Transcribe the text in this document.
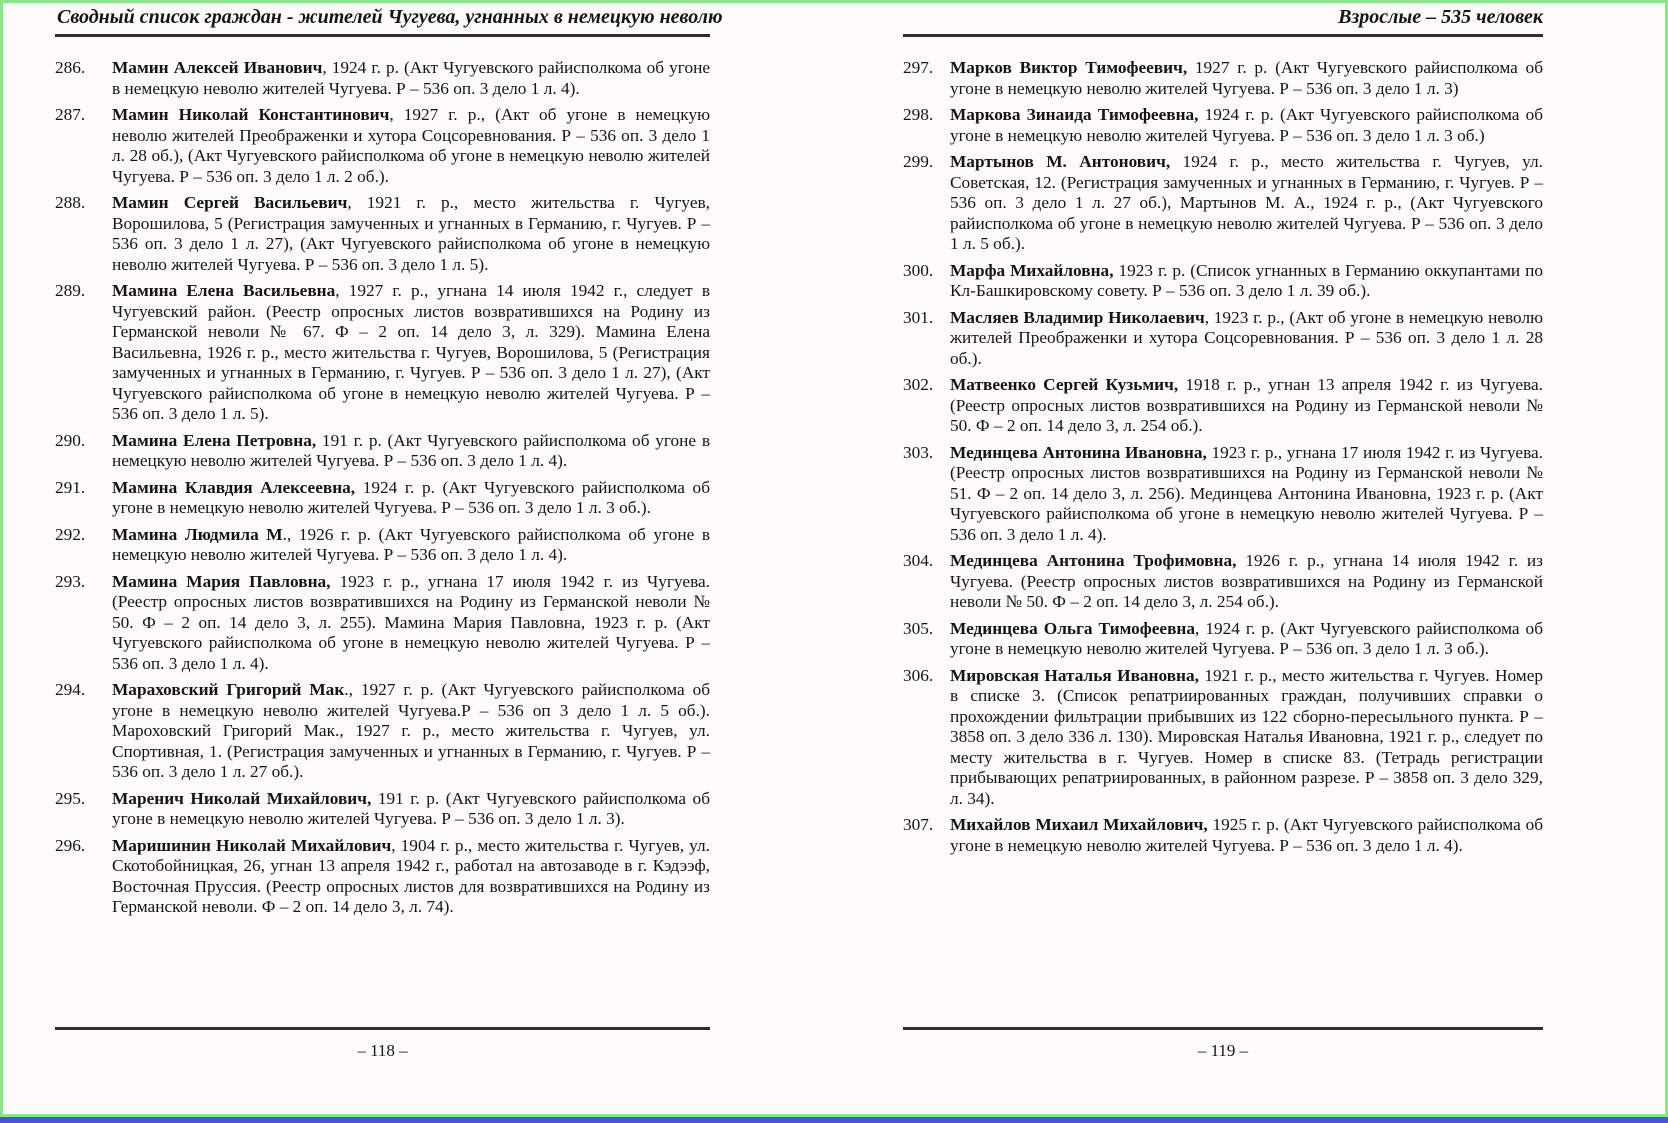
Сводный список граждан - жителей Чугуева, угнанных в немецкую неволю
286.	Мамин Алексей Иванович, 1924 г. р. (Акт Чугуевского райисполкома об угоне в немецкую неволю жителей Чугуева. Р – 536 оп. 3 дело 1 л. 4).

287.	Мамин Николай Константинович, 1927 г. р., (Акт об угоне в немецкую неволю жителей Преображенки и хутора Соцсоревнования. Р – 536 оп. 3 дело 1 л. 28 об.), (Акт Чугуевского райисполкома об угоне в немецкую неволю жителей Чугуева. Р – 536 оп. 3 дело 1 л. 2 об.).

288.	Мамин Сергей Васильевич, 1921 г. р., место жительства г. Чугуев, Ворошилова, 5 (Регистрация замученных и угнанных в Германию, г. Чугуев. Р – 536 оп. 3 дело 1 л. 27), (Акт Чугуевского райисполкома об угоне в немецкую неволю жителей Чугуева. Р – 536 оп. 3 дело 1 л. 5).

289.	Мамина Елена Васильевна, 1927 г. р., угнана 14 июля 1942 г., следует в Чугуевский район. (Реестр опросных листов возвратившихся на Родину из Германской неволи № 67. Ф – 2 оп. 14 дело 3, л. 329). Мамина Елена Васильевна, 1926 г. р., место жительства г. Чугуев, Ворошилова, 5 (Регистрация замученных и угнанных в Германию, г. Чугуев. Р – 536 оп. 3 дело 1 л. 27), (Акт Чугуевского райисполкома об угоне в немецкую неволю жителей Чугуева. Р – 536 оп. 3 дело 1 л. 5).

290.	Мамина Елена Петровна, 191 г. р. (Акт Чугуевского райисполкома об угоне в немецкую неволю жителей Чугуева. Р – 536 оп. 3 дело 1 л. 4).

291.	Мамина Клавдия Алексеевна, 1924 г. р. (Акт Чугуевского райисполкома об угоне в немецкую неволю жителей Чугуева. Р – 536 оп. 3 дело 1 л. 3 об.).

292.	Мамина Людмила М., 1926 г. р. (Акт Чугуевского райисполкома об угоне в немецкую неволю жителей Чугуева. Р – 536 оп. 3 дело 1 л. 4).

293.	Мамина Мария Павловна, 1923 г. р., угнана 17 июля 1942 г. из Чугуева. (Реестр опросных листов возвратившихся на Родину из Германской неволи № 50. Ф – 2 оп. 14 дело 3, л. 255). Мамина Мария Павловна, 1923 г. р. (Акт Чугуевского райисполкома об угоне в немецкую неволю жителей Чугуева. Р – 536 оп. 3 дело 1 л. 4).

294.	Мараховский Григорий Мак., 1927 г. р. (Акт Чугуевского райисполкома об угоне в немецкую неволю жителей Чугуева.Р – 536 оп 3 дело 1 л. 5 об.). Мароховский Григорий Мак., 1927 г. р., место жительства г. Чугуев, ул. Спортивная, 1. (Регистрация замученных и угнанных в Германию, г. Чугуев. Р – 536 оп. 3 дело 1 л. 27 об.).

295.	Маренич Николай Михайлович, 191 г. р. (Акт Чугуевского райисполкома об угоне в немецкую неволю жителей Чугуева. Р – 536 оп. 3 дело 1 л. 3).

296.	Маришинин Николай Михайлович, 1904 г. р., место жительства г. Чугуев, ул. Скотобойницкая, 26, угнан 13 апреля 1942 г., работал на автозаводе в г. Кэдээф, Восточная Пруссия. (Реестр опросных листов для возвратившихся на Родину из Германской неволи. Ф – 2 оп. 14 дело 3, л. 74).

– 118 –
Взрослые – 535 человек
297. Марков Виктор Тимофеевич, 1927 г. р. (Акт Чугуевского райисполкома об угоне в немецкую неволю жителей Чугуева. Р – 536 оп. 3 дело 1 л. 3)

298. Маркова Зинаида Тимофеевна, 1924 г. р. (Акт Чугуевского райисполкома об угоне в немецкую неволю жителей Чугуева. Р – 536 оп. 3 дело 1 л. 3 об.)

299. Мартынов М. Антонович, 1924 г. р., место жительства г. Чугуев, ул. Советская, 12. (Регистрация замученных и угнанных в Германию, г. Чугуев. Р – 536 оп. 3 дело 1 л. 27 об.), Мартынов М. А., 1924 г. р., (Акт Чугуевского райисполкома об угоне в немецкую неволю жителей Чугуева. Р – 536 оп. 3 дело 1 л. 5 об.).

300. Марфа Михайловна, 1923 г. р. (Список угнанных в Германию оккупантами по Кл-Башкировскому совету. Р – 536 оп. 3 дело 1 л. 39 об.).

301. Масляев Владимир Николаевич, 1923 г. р., (Акт об угоне в немецкую неволю жителей Преображенки и хутора Соцсоревнования. Р – 536 оп. 3 дело 1 л. 28 об.).

302. Матвеенко Сергей Кузьмич, 1918 г. р., угнан 13 апреля 1942 г. из Чугуева. (Реестр опросных листов возвратившихся на Родину из Германской неволи № 50. Ф – 2 оп. 14 дело 3, л. 254 об.).

303. Мединцева Антонина Ивановна, 1923 г. р., угнана 17 июля 1942 г. из Чугуева. (Реестр опросных листов возвратившихся на Родину из Германской неволи № 51. Ф – 2 оп. 14 дело 3, л. 256). Мединцева Антонина Ивановна, 1923 г. р. (Акт Чугуевского райисполкома об угоне в немецкую неволю жителей Чугуева. Р – 536 оп. 3 дело 1 л. 4).

304. Мединцева Антонина Трофимовна, 1926 г. р., угнана 14 июля 1942 г. из Чугуева. (Реестр опросных листов возвратившихся на Родину из Германской неволи № 50. Ф – 2 оп. 14 дело 3, л. 254 об.).

305. Мединцева Ольга Тимофеевна, 1924 г. р. (Акт Чугуевского райисполкома об угоне в немецкую неволю жителей Чугуева. Р – 536 оп. 3 дело 1 л. 3 об.).

306. Мировская Наталья Ивановна, 1921 г. р., место жительства г. Чугуев. Номер в списке 3. (Список репатриированных граждан, получивших справки о прохождении фильтрации прибывших из 122 сборно-пересыльного пункта. Р – 3858 оп. 3 дело 336 л. 130). Мировская Наталья Ивановна, 1921 г. р., следует по месту жительства в г. Чугуев. Номер в списке 83. (Тетрадь регистрации прибывающих репатриированных, в районном разрезе. Р – 3858 оп. 3 дело 329, л. 34).

307. Михайлов Михаил Михайлович, 1925 г. р. (Акт Чугуевского райисполкома об угоне в немецкую неволю жителей Чугуева. Р – 536 оп. 3 дело 1 л. 4).

– 119 –
